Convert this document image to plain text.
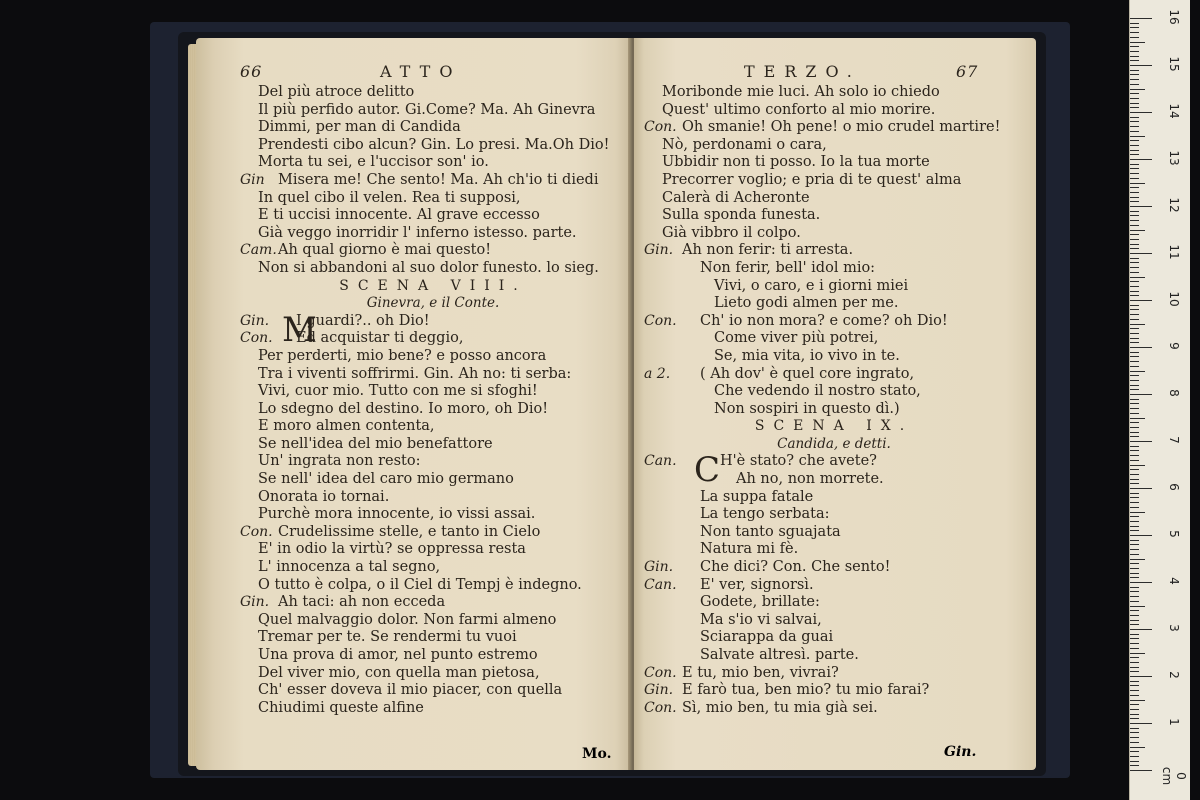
66	ATTO
Del più atroce delitto
Il più perfido autor. Gi.Come? Ma. Ah Ginevra
Dimmi, per man di Candida
Prendesti cibo alcun? Gin. Lo presi. Ma.Oh Dio!
Morta tu sei, e l'uccisor son' io.
Gin Misera me! Che sento! Ma. Ah ch'io ti diedi
In quel cibo il velen. Rea ti supposi,
E ti uccisi innocente. Al grave eccesso
Già veggo inorridir l' inferno istesso. parte.
Cam.Ah qual giorno è mai questo!
Non si abbandoni al suo dolor funesto. lo sieg.
SCENA VIII.
Ginevra, e il Conte.
M
Gin. I guardi?.. oh Dio!
Con. Ed acquistar ti deggio,
Per perderti, mio bene? e posso ancora
Tra i viventi soffrirmi. Gin. Ah no: ti serba:
Vivi, cuor mio. Tutto con me si sfoghi!
Lo sdegno del destino. Io moro, oh Dio!
E moro almen contenta,
Se nell'idea del mio benefattore
Un' ingrata non resto:
Se nell' idea del caro mio germano
Onorata io tornai.
Purchè mora innocente, io vissi assai.
Con. Crudelissime stelle, e tanto in Cielo
E' in odio la virtù? se oppressa resta
L' innocenza a tal segno,
O tutto è colpa, o il Ciel di Tempj è indegno.
Gin. Ah taci: ah non ecceda
Quel malvaggio dolor. Non farmi almeno
Tremar per te. Se rendermi tu vuoi
Una prova di amor, nel punto estremo
Del viver mio, con quella man pietosa,
Ch' esser doveva il mio piacer, con quella
Chiudimi queste alfine
Mo.
TERZO.	67
Moribonde mie luci. Ah solo io chiedo
Quest' ultimo conforto al mio morire.
Con. Oh smanie! Oh pene! o mio crudel martire!
Nò, perdonami o cara,
Ubbidir non ti posso. Io la tua morte
Precorrer voglio; e pria di te quest' alma
Calerà di Acheronte
Sulla sponda funesta.
Già vibbro il colpo.
Gin. Ah non ferir: ti arresta.
Non ferir, bell' idol mio:
Vivi, o caro, e i giorni miei
Lieto godi almen per me.
Con. Ch' io non mora? e come? oh Dio!
Come viver più potrei,
Se, mia vita, io vivo in te.
a 2. ( Ah dov' è quel core ingrato,
Che vedendo il nostro stato,
Non sospiri in questo dì.)
SCENA IX.
Candida, e detti.
C
Can.	H'è stato? che avete?
Ah no, non morrete.
La suppa fatale
La tengo serbata:
Non tanto sguajata
Natura mi fè.
Gin. Che dici? Con. Che sento!
Can. E' ver, signorsì.
Godete, brillate:
Ma s'io vi salvai,
Sciarappa da guai
Salvate altresì. parte.
Con. E tu, mio ben, vivrai?
Gin. E farò tua, ben mio? tu mio farai?
Con. Sì, mio ben, tu mia già sei.
Gin.
0 cm
1
2
3
4
5
6
7
8
9
10
11
12
13
14
15
16
